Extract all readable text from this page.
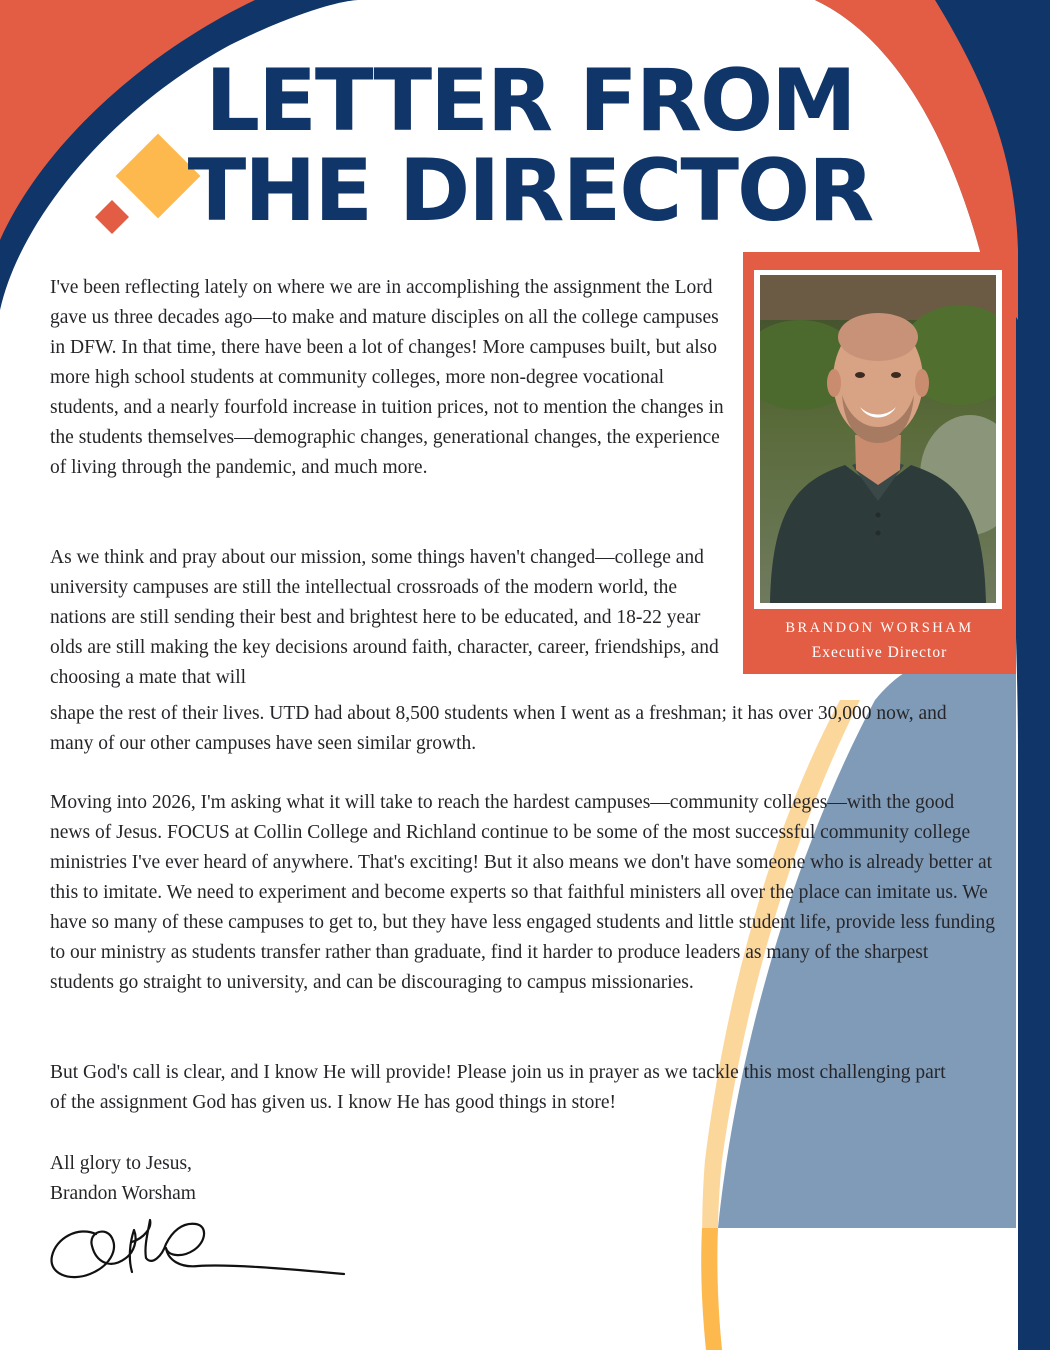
LETTER FROM
THE DIRECTOR

I've been reflecting lately on where we are in accomplishing the assignment the Lord gave us three decades ago—to make and mature disciples on all the college campuses in DFW. In that time, there have been a lot of changes! More campuses built, but also more high school students at community colleges, more non-degree vocational students, and a nearly fourfold increase in tuition prices, not to mention the changes in the students themselves—demographic changes, generational changes, the experience of living through the pandemic, and much more.

As we think and pray about our mission, some things haven't changed—college and university campuses are still the intellectual crossroads of the modern world, the nations are still sending their best and brightest here to be educated, and 18-22 year olds are still making the key decisions around faith, character, career, friendships, and choosing a mate that will

shape the rest of their lives. UTD had about 8,500 students when I went as a freshman; it has over 30,000 now, and many of our other campuses have seen similar growth.

Moving into 2026, I'm asking what it will take to reach the hardest campuses—community colleges—with the good news of Jesus. FOCUS at Collin College and Richland continue to be some of the most successful community college ministries I've ever heard of anywhere. That's exciting! But it also means we don't have someone who is already better at this to imitate. We need to experiment and become experts so that faithful ministers all over the place can imitate us. We have so many of these campuses to get to, but they have less engaged students and little student life, provide less funding to our ministry as students transfer rather than graduate, find it harder to produce leaders as many of the sharpest students go straight to university, and can be discouraging to campus missionaries.

But God's call is clear, and I know He will provide! Please join us in prayer as we tackle this most challenging part of the assignment God has given us. I know He has good things in store!

All glory to Jesus,
Brandon Worsham
BRANDON WORSHAM
Executive Director
